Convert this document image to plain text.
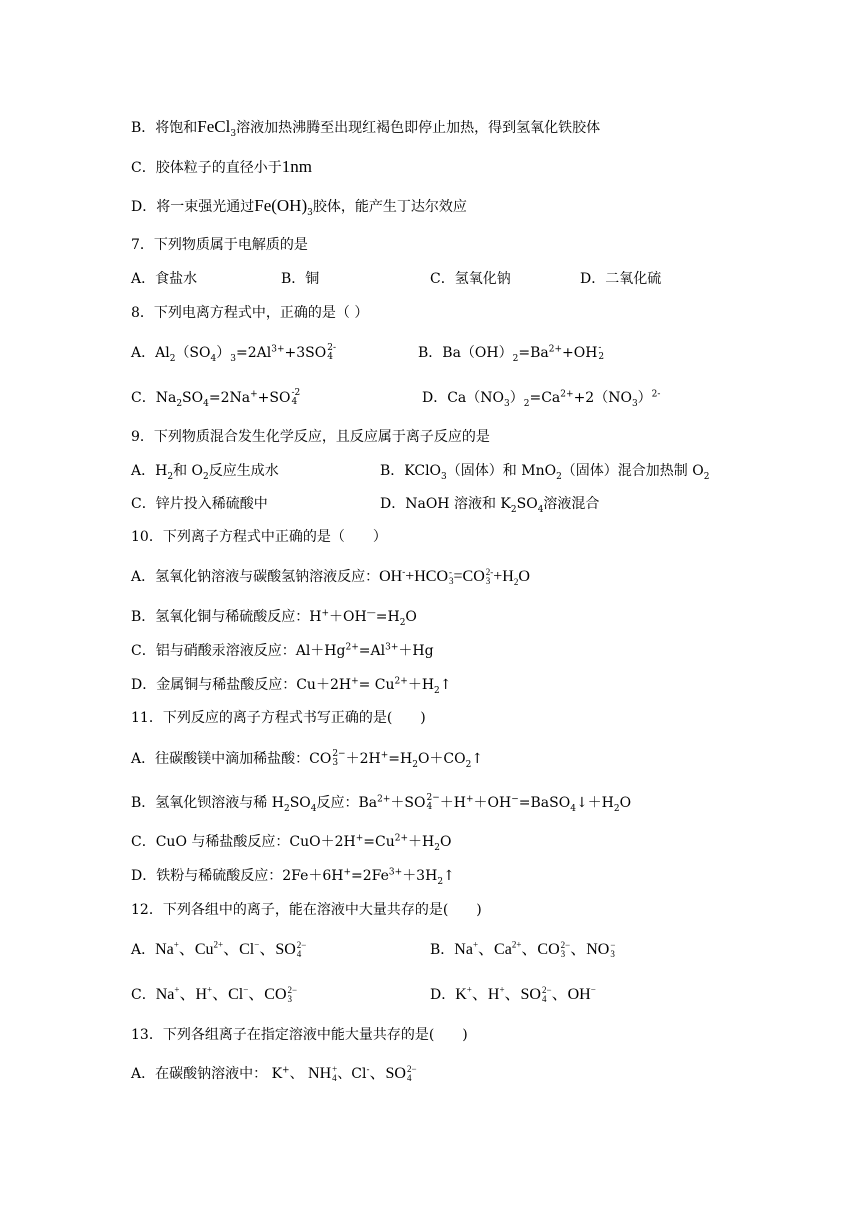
B．将饱和FeCl$_3$溶液加热沸腾至出现红褐色即停止加热，得到氢氧化铁胶体
C．胶体粒子的直径小于1nm
D．将一束强光通过$Fe(OH)_3$胶体，能产生丁达尔效应
7．下列物质属于电解质的是
A．食盐水	B．铜	C．氢氧化钠	D．二氧化硫
8．下列电离方程式中，正确的是（ ）
A．$Al_2(SO_4)_3=2Al^{3+}+3SO$ 2-
4	B．$Ba(OH)_2=Ba^{2+}+OH$ -
2
C．$Na_2SO_4=2Na^++SO$ -2
4	D．$Ca(NO_3)_2=Ca^{2+}+2(NO_3)^{2-}$
9．下列物质混合发生化学反应，且反应属于离子反应的是
A．$H_2$和 $O_2$反应生成水	B．KClO$_3$（固体）和 MnO$_2$（固体）混合加热制 $O_2$
C．锌片投入稀硫酸中	D．NaOH 溶液和 $K_2SO_4$溶液混合
10．下列离子方程式中正确的是（　　）
A．氢氧化钠溶液与碳酸氢钠溶液反应：OH-+HCO -
3 =CO 2-
$3 +H_2O$
B．氢氧化铜与稀硫酸反应：$H^++OH^—=H_2O$
C．铝与硝酸汞溶液反应：$Al+Hg^{2+}=Al^{3+}+Hg$
D．金属铜与稀盐酸反应：$Cu+2H^+= Cu^{2+}+H_2↑$
11．下列反应的离子方程式书写正确的是(　　)
A．往碳酸镁中滴加稀盐酸：CO 2−
$3 +2H^+=H_2O+CO_2↑$
B．氢氧化钡溶液与稀 $H_2SO_4$反应：$Ba^{2+}+SO$ 2−
$4 +H^++OH^-=BaSO_4↓+H_2O$
C．CuO 与稀盐酸反应：$CuO+2H^+=Cu^{2+}+H_2O$
D．铁粉与稀硫酸反应：$2Fe+6H^+=2Fe^{3+}+3H_2↑$
12．下列各组中的离子，能在溶液中大量共存的是(　　)
A．Na+、$Cu^{2+}$、Cl−、SO 2−
4	B．Na+、$Ca^{2+}$、CO 2−
3 、NO −
3
C．Na+、H+、Cl−、CO 2−
3	D．K+、H+、SO 2−
4 、OH−
13．下列各组离子在指定溶液中能大量共存的是(　　)
A．在碳酸钠溶液中： K+、 NH +
4 、Cl-、SO 2−
4
